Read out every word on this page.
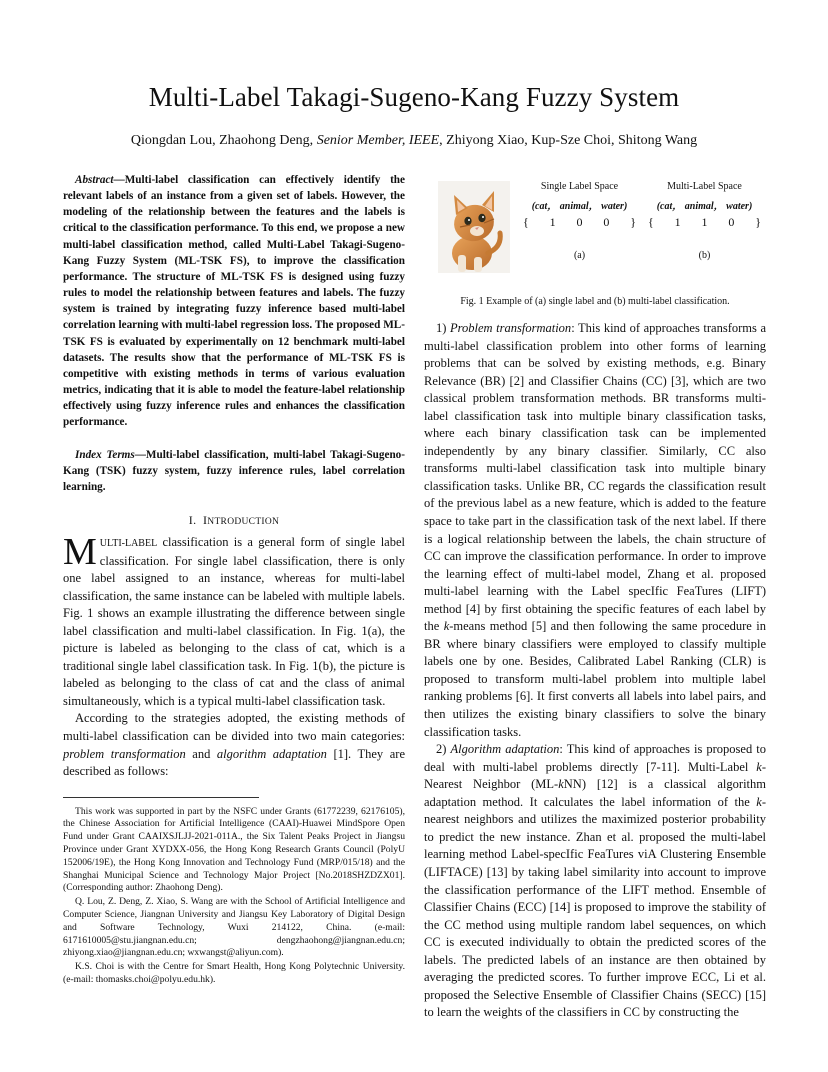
Multi-Label Takagi-Sugeno-Kang Fuzzy System
Qiongdan Lou, Zhaohong Deng, Senior Member, IEEE, Zhiyong Xiao, Kup-Sze Choi, Shitong Wang
Abstract—Multi-label classification can effectively identify the relevant labels of an instance from a given set of labels. However, the modeling of the relationship between the features and the labels is critical to the classification performance. To this end, we propose a new multi-label classification method, called Multi-Label Takagi-Sugeno-Kang Fuzzy System (ML-TSK FS), to improve the classification performance. The structure of ML-TSK FS is designed using fuzzy rules to model the relationship between features and labels. The fuzzy system is trained by integrating fuzzy inference based multi-label correlation learning with multi-label regression loss. The proposed ML-TSK FS is evaluated by experimentally on 12 benchmark multi-label datasets. The results show that the performance of ML-TSK FS is competitive with existing methods in terms of various evaluation metrics, indicating that it is able to model the feature-label relationship effectively using fuzzy inference rules and enhances the classification performance.
Index Terms—Multi-label classification, multi-label Takagi-Sugeno-Kang (TSK) fuzzy system, fuzzy inference rules, label correlation learning.
I. INTRODUCTION
MULTI-LABEL classification is a general form of single label classification. For single label classification, there is only one label assigned to an instance, whereas for multi-label classification, the same instance can be labeled with multiple labels. Fig. 1 shows an example illustrating the difference between single label classification and multi-label classification. In Fig. 1(a), the picture is labeled as belonging to the class of cat, which is a traditional single label classification task. In Fig. 1(b), the picture is labeled as belonging to the class of cat and the class of animal simultaneously, which is a typical multi-label classification task.

According to the strategies adopted, the existing methods of multi-label classification can be divided into two main categories: problem transformation and algorithm adaptation [1]. They are described as follows:

This work was supported in part by the NSFC under Grants (61772239, 62176105), the Chinese Association for Artificial Intelligence (CAAI)-Huawei MindSpore Open Fund under Grant CAAIXSJLJJ-2021-011A., the Six Talent Peaks Project in Jiangsu Province under Grant XYDXX-056, the Hong Kong Research Grants Council (PolyU 152006/19E), the Hong Kong Innovation and Technology Fund (MRP/015/18) and the Shanghai Municipal Science and Technology Major Project [No.2018SHZDZX01]. (Corresponding author: Zhaohong Deng).

Q. Lou, Z. Deng, Z. Xiao, S. Wang are with the School of Artificial Intelligence and Computer Science, Jiangnan University and Jiangsu Key Laboratory of Digital Design and Software Technology, Wuxi 214122, China. (e-mail: 6171610005@stu.jiangnan.edu.cn; dengzhaohong@jiangnan.edu.cn; zhiyong.xiao@jiangnan.edu.cn; wxwangst@aliyun.com).

K.S. Choi is with the Centre for Smart Health, Hong Kong Polytechnic University. (e-mail: thomasks.choi@polyu.edu.hk).

Single Label Space
(cat， animal， water)
{ 1 0 0 }
(a)
Multi-Label Space
(cat， animal， water)
{ 1 1 0 }
(b)
Fig. 1 Example of (a) single label and (b) multi-label classification.

1) Problem transformation: This kind of approaches transforms a multi-label classification problem into other forms of learning problems that can be solved by existing methods, e.g. Binary Relevance (BR) [2] and Classifier Chains (CC) [3], which are two classical problem transformation methods. BR transforms multi-label classification task into multiple binary classification tasks, where each binary classification task can be implemented independently by any binary classifier. Similarly, CC also transforms multi-label classification task into multiple binary classification tasks. Unlike BR, CC regards the classification result of the previous label as a new feature, which is added to the feature space to take part in the classification task of the next label. If there is a logical relationship between the labels, the chain structure of CC can improve the classification performance. In order to improve the learning effect of multi-label model, Zhang et al. proposed multi-label learning with the Label specIfic FeaTures (LIFT) method [4] by first obtaining the specific features of each label by the k-means method [5] and then following the same procedure in BR where binary classifiers were employed to classify multiple labels one by one. Besides, Calibrated Label Ranking (CLR) is proposed to transform multi-label problem into multiple label ranking problems [6]. It first converts all labels into label pairs, and then utilizes the existing binary classifiers to solve the binary classification tasks.

2) Algorithm adaptation: This kind of approaches is proposed to deal with multi-label problems directly [7-11]. Multi-Label k-Nearest Neighbor (ML-kNN) [12] is a classical algorithm adaptation method. It calculates the label information of the k-nearest neighbors and utilizes the maximized posterior probability to predict the new instance. Zhan et al. proposed the multi-label learning method Label-specIfic FeaTures viA Clustering Ensemble (LIFTACE) [13] by taking label similarity into account to improve the classification performance of the LIFT method. Ensemble of Classifier Chains (ECC) [14] is proposed to improve the stability of the CC method using multiple random label sequences, on which CC is executed individually to obtain the predicted scores of the labels. The predicted labels of an instance are then obtained by averaging the predicted scores. To further improve ECC, Li et al. proposed the Selective Ensemble of Classifier Chains (SECC) [15] to learn the weights of the classifiers in CC by constructing the
